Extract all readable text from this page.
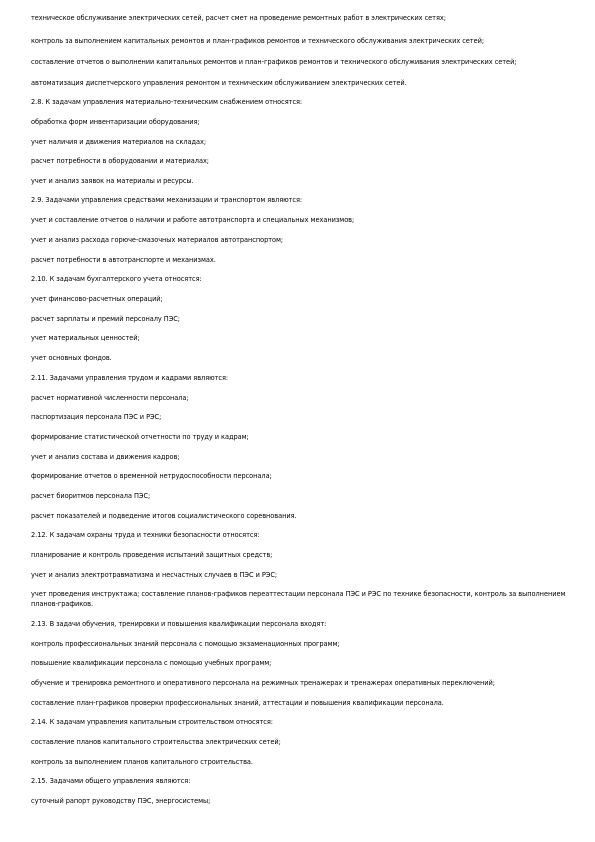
техническое обслуживание электрических сетей, расчет смет на проведение ремонтных работ в электрических сетях;
контроль за выполнением капитальных ремонтов и план-графиков ремонтов и технического обслуживания электрических сетей;
составление отчетов о выполнении капитальных ремонтов и план-графиков ремонтов и технического обслуживания электрических сетей;
автоматизация диспетчерского управления ремонтом и техническим обслуживанием электрических сетей.
2.8. К задачам управления материально-техническим снабжением относятся:
обработка форм инвентаризации оборудования;
учет наличия и движения материалов на складах;
расчет потребности в оборудовании и материалах;
учет и анализ заявок на материалы и ресурсы.
2.9. Задачами управления средствами механизации и транспортом являются:
учет и составление отчетов о наличии и работе автотранспорта и специальных механизмов;
учет и анализ расхода горюче-смазочных материалов автотранспортом;
расчет потребности в автотранспорте и механизмах.
2.10. К задачам бухгалтерского учета относятся:
учет финансово-расчетных операций;
расчет зарплаты и премий персоналу ПЭС;
учет материальных ценностей;
учет основных фондов.
2.11. Задачами управления трудом и кадрами являются:
расчет нормативной численности персонала;
паспортизация персонала ПЭС и РЭС;
формирование статистической отчетности по труду и кадрам;
учет и анализ состава и движения кадров;
формирование отчетов о временной нетрудоспособности персонала;
расчет биоритмов персонала ПЭС;
расчет показателей и подведение итогов социалистического соревнования.
2.12. К задачам охраны труда и техники безопасности относятся:
планирование и контроль проведения испытаний защитных средств;
учет и анализ электротравматизма и несчастных случаев в ПЭС и РЭС;
учет проведения инструктажа; составление планов-графиков переаттестации персонала ПЭС и РЭС по технике безопасности, контроль за выполнением планов-графиков.
2.13. В задачи обучения, тренировки и повышения квалификации персонала входят:
контроль профессиональных знаний персонала с помощью экзаменационных программ;
повышение квалификации персонала с помощью учебных программ;
обучение и тренировка ремонтного и оперативного персонала на режимных тренажерах и тренажерах оперативных переключений;
составление план-графиков проверки профессиональных знаний, аттестации и повышения квалификации персонала.
2.14. К задачам управления капитальным строительством относятся:
составление планов капитального строительства электрических сетей;
контроль за выполнением планов капитального строительства.
2.15. Задачами общего управления являются:
суточный рапорт руководству ПЭС, энергосистемы;
